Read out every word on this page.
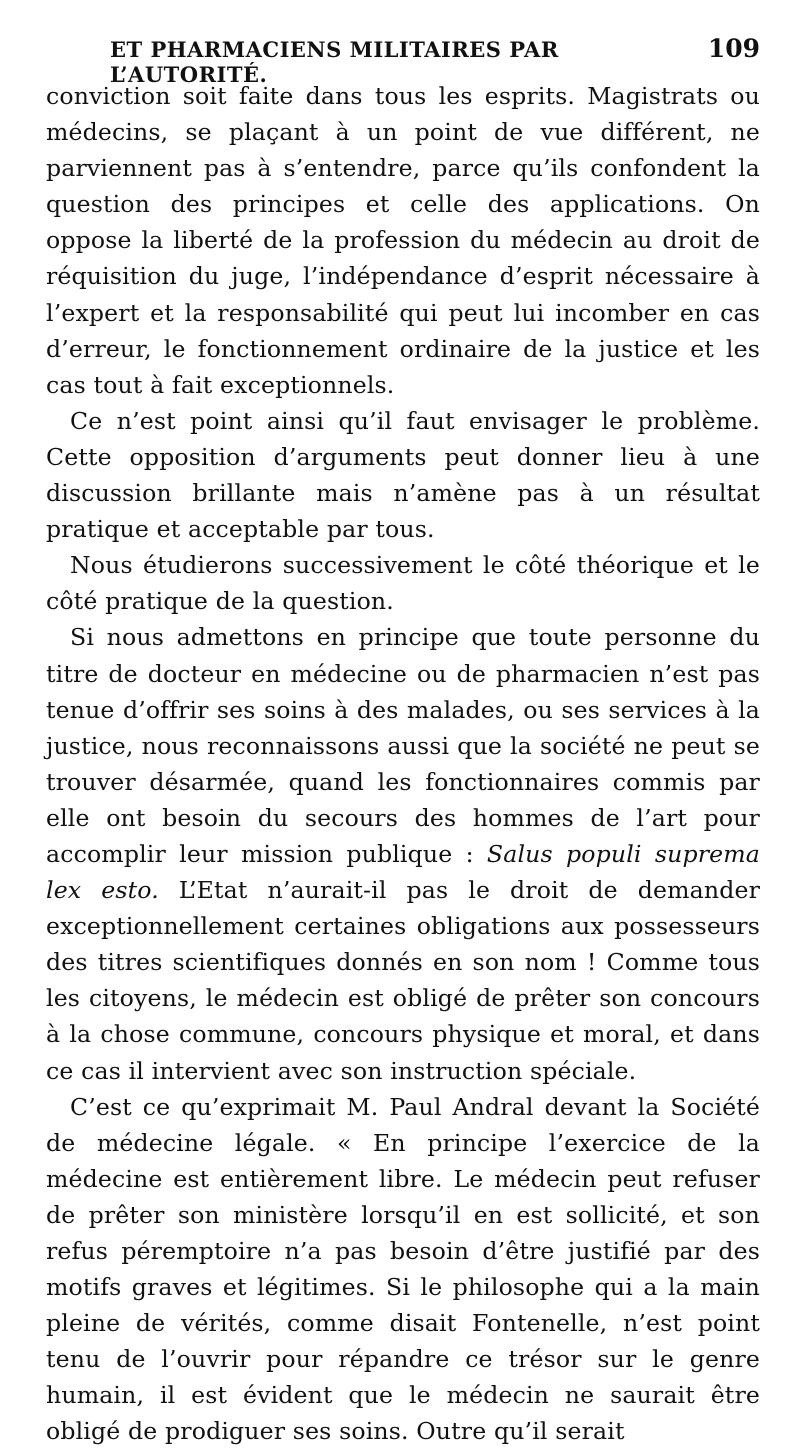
ET PHARMACIENS MILITAIRES PAR L’AUTORITÉ.
109

conviction soit faite dans tous les esprits. Magistrats ou médecins, se plaçant à un point de vue différent, ne parviennent pas à s’entendre, parce qu’ils confondent la question des principes et celle des applications. On oppose la liberté de la profession du médecin au droit de réquisition du juge, l’indépendance d’esprit nécessaire à l’expert et la responsabilité qui peut lui incomber en cas d’erreur, le fonctionnement ordinaire de la justice et les cas tout à fait exceptionnels.

Ce n’est point ainsi qu’il faut envisager le problème. Cette opposition d’arguments peut donner lieu à une discussion brillante mais n’amène pas à un résultat pratique et acceptable par tous.

Nous étudierons successivement le côté théorique et le côté pratique de la question.

Si nous admettons en principe que toute personne du titre de docteur en médecine ou de pharmacien n’est pas tenue d’offrir ses soins à des malades, ou ses services à la justice, nous reconnaissons aussi que la société ne peut se trouver désarmée, quand les fonctionnaires commis par elle ont besoin du secours des hommes de l’art pour accomplir leur mission publique : Salus populi suprema lex esto. L’Etat n’aurait-il pas le droit de demander exceptionnellement certaines obligations aux possesseurs des titres scientifiques donnés en son nom ! Comme tous les citoyens, le médecin est obligé de prêter son concours à la chose commune, concours physique et moral, et dans ce cas il intervient avec son instruction spéciale.

C’est ce qu’exprimait M. Paul Andral devant la Société de médecine légale. « En principe l’exercice de la médecine est entièrement libre. Le médecin peut refuser de prêter son ministère lorsqu’il en est sollicité, et son refus péremptoire n’a pas besoin d’être justifié par des motifs graves et légitimes. Si le philosophe qui a la main pleine de vérités, comme disait Fontenelle, n’est point tenu de l’ouvrir pour répandre ce trésor sur le genre humain, il est évident que le médecin ne saurait être obligé de prodiguer ses soins. Outre qu’il serait
